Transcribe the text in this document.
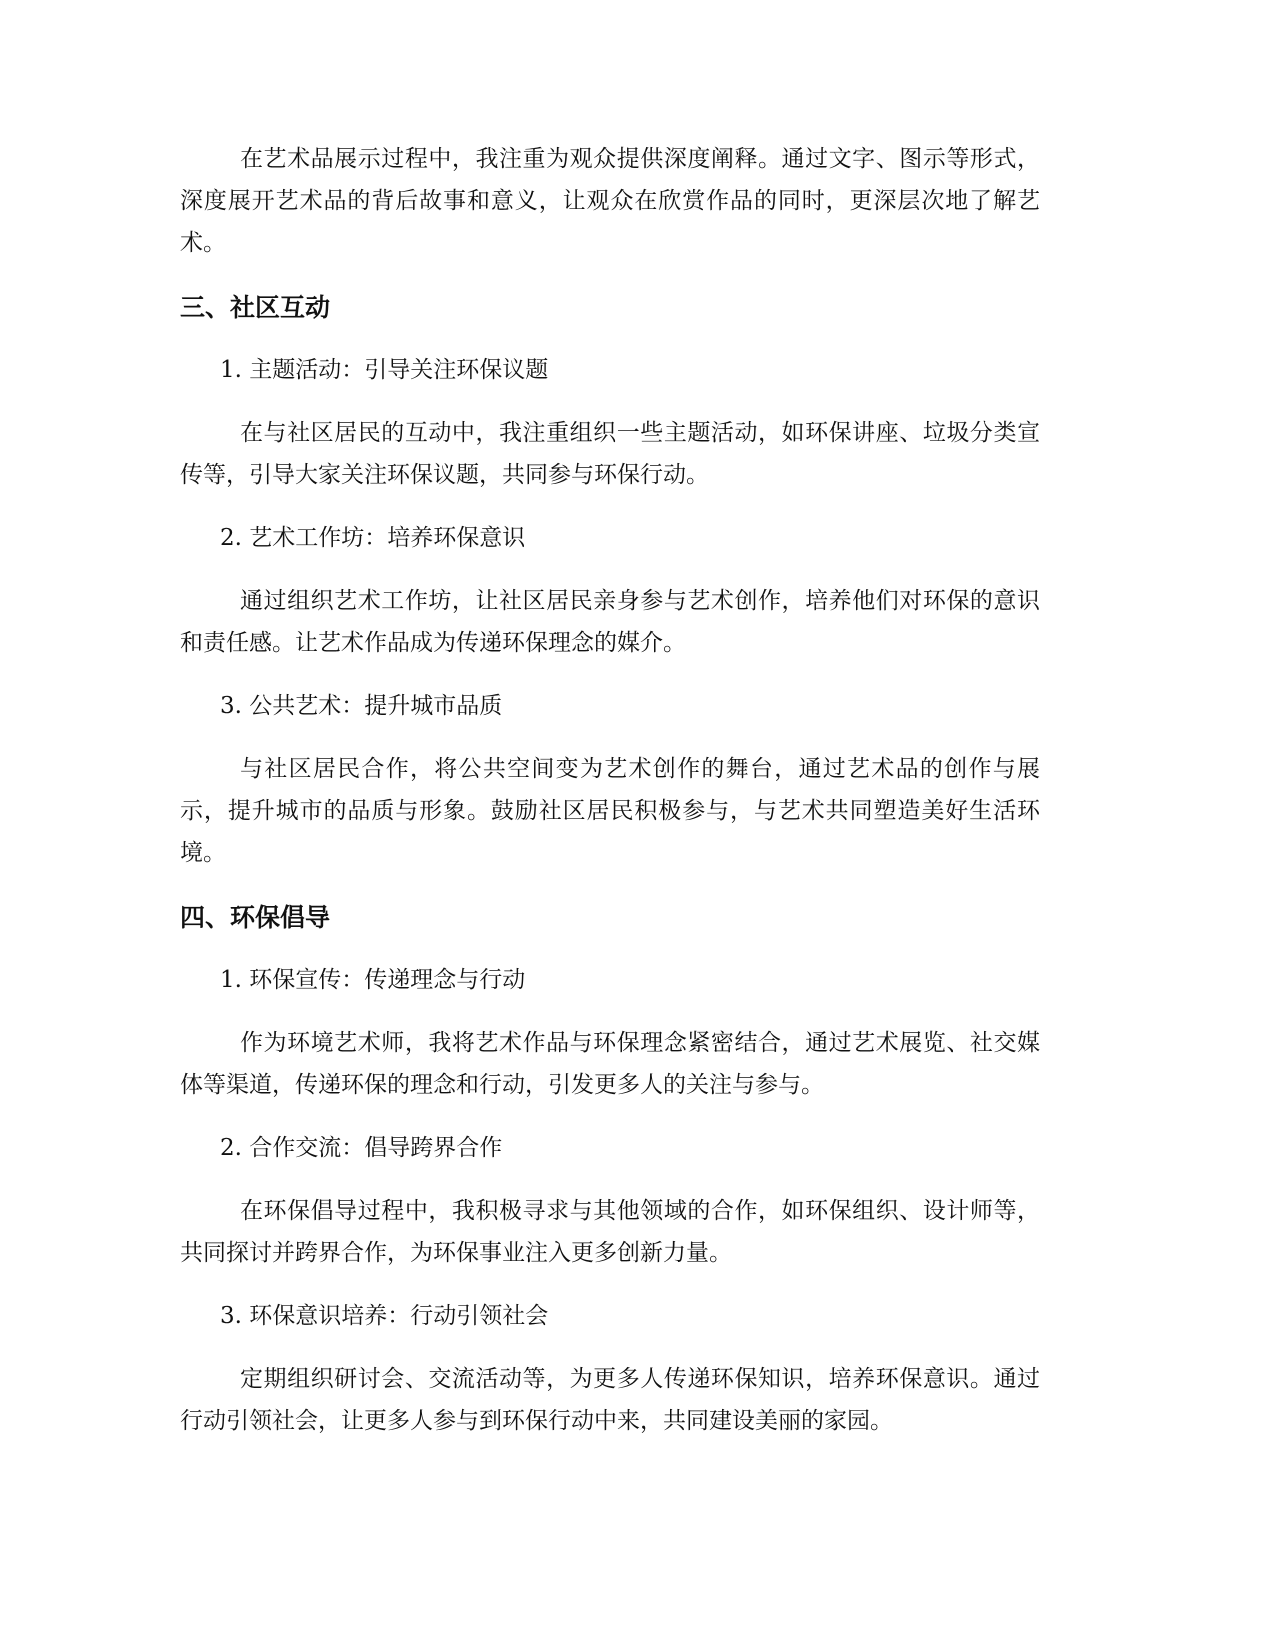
在艺术品展示过程中，我注重为观众提供深度阐释。通过文字、图示等形式，深度展开艺术品的背后故事和意义，让观众在欣赏作品的同时，更深层次地了解艺术。

三、社区互动

1. 主题活动：引导关注环保议题

在与社区居民的互动中，我注重组织一些主题活动，如环保讲座、垃圾分类宣传等，引导大家关注环保议题，共同参与环保行动。

2. 艺术工作坊：培养环保意识

通过组织艺术工作坊，让社区居民亲身参与艺术创作，培养他们对环保的意识和责任感。让艺术作品成为传递环保理念的媒介。

3. 公共艺术：提升城市品质

与社区居民合作，将公共空间变为艺术创作的舞台，通过艺术品的创作与展示，提升城市的品质与形象。鼓励社区居民积极参与，与艺术共同塑造美好生活环境。

四、环保倡导

1. 环保宣传：传递理念与行动

作为环境艺术师，我将艺术作品与环保理念紧密结合，通过艺术展览、社交媒体等渠道，传递环保的理念和行动，引发更多人的关注与参与。

2. 合作交流：倡导跨界合作

在环保倡导过程中，我积极寻求与其他领域的合作，如环保组织、设计师等，共同探讨并跨界合作，为环保事业注入更多创新力量。

3. 环保意识培养：行动引领社会

定期组织研讨会、交流活动等，为更多人传递环保知识，培养环保意识。通过行动引领社会，让更多人参与到环保行动中来，共同建设美丽的家园。
